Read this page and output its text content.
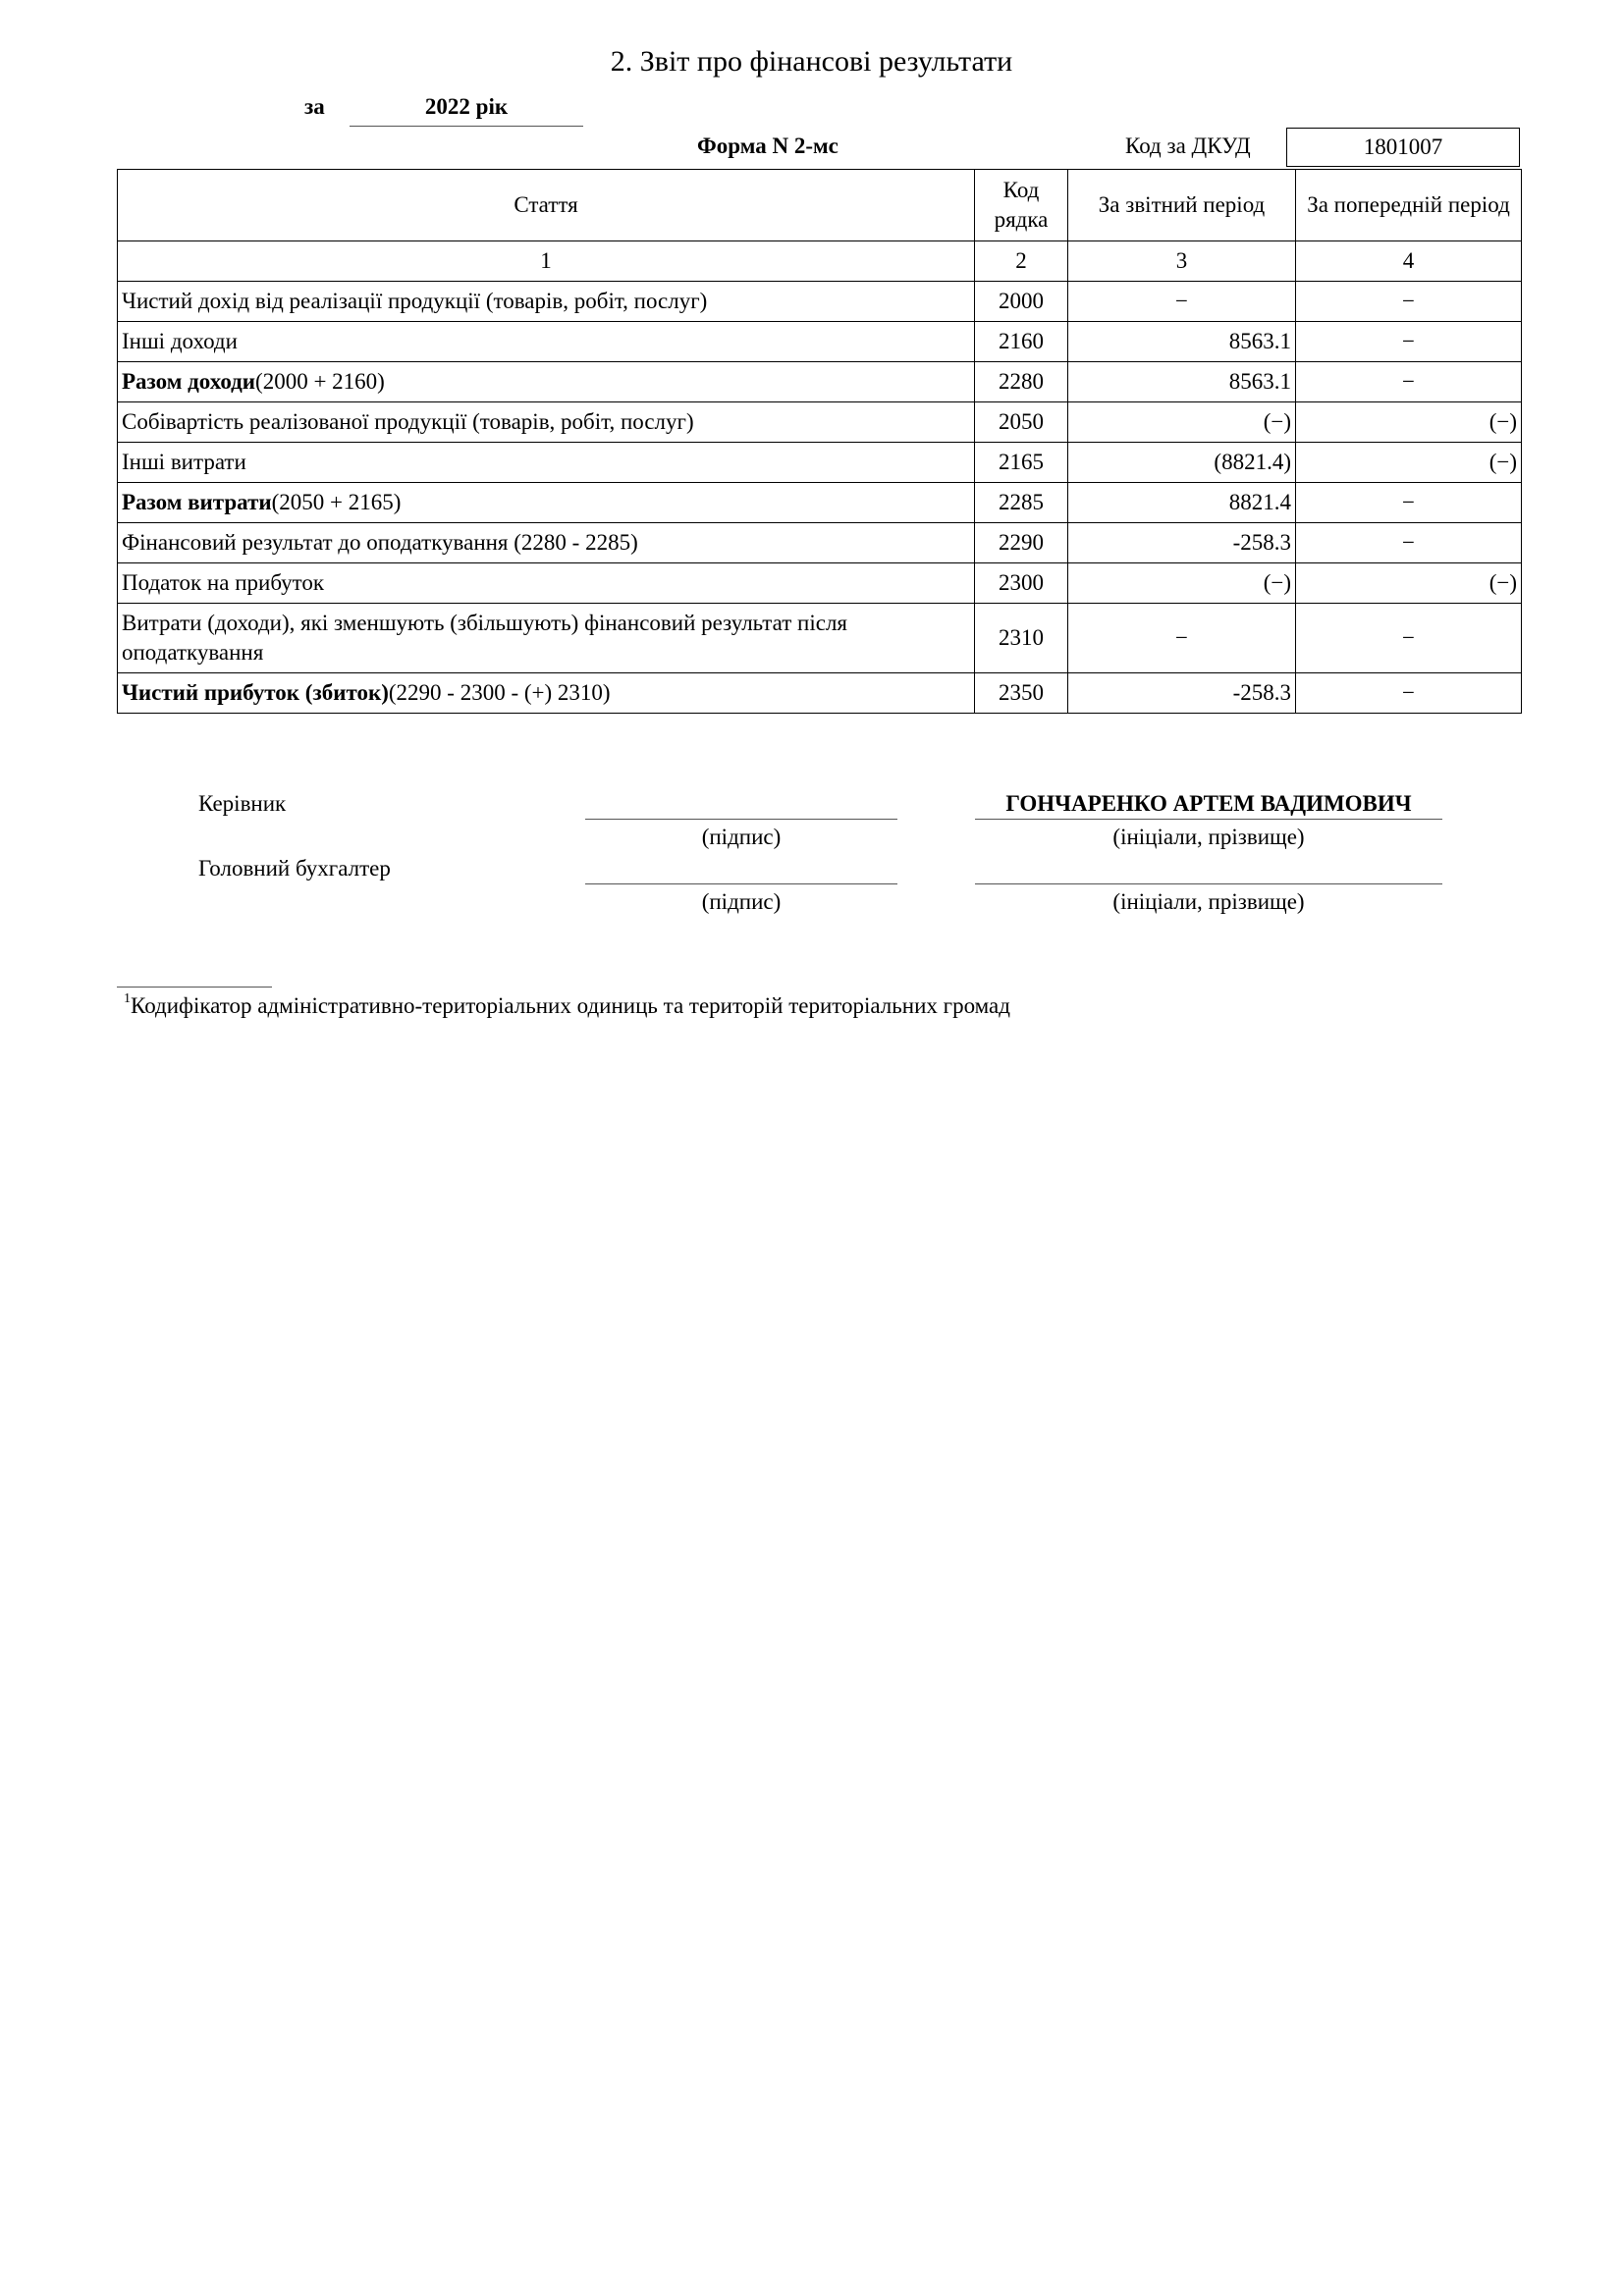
2. Звіт про фінансові результати
за	2022 рік
Форма N 2-мс	Код за ДКУД	1801007
Стаття	Код рядка	За звітний період	За попередній період
1	2	3	4
Чистий дохід від реалізації продукції (товарів, робіт, послуг)	2000	−	−
Інші доходи	2160	8563.1	−
Разом доходи(2000 + 2160)	2280	8563.1	−
Собівартість реалізованої продукції (товарів, робіт, послуг)	2050	(−)	(−)
Інші витрати	2165	(8821.4)	(−)
Разом витрати(2050 + 2165)	2285	8821.4	−
Фінансовий результат до оподаткування (2280 - 2285)	2290	-258.3	−
Податок на прибуток	2300	(−)	(−)
Витрати (доходи), які зменшують (збільшують) фінансовий результат після оподаткування	2310	−	−
Чистий прибуток (збиток)(2290 - 2300 - (+) 2310)	2350	-258.3	−
Керівник	ГОНЧАРЕНКО АРТЕМ ВАДИМОВИЧ
(підпис)	(ініціали, прізвище)
Головний бухгалтер
(підпис)	(ініціали, прізвище)
$^1$Кодифікатор адміністративно-територіальних одиниць та територій територіальних громад
